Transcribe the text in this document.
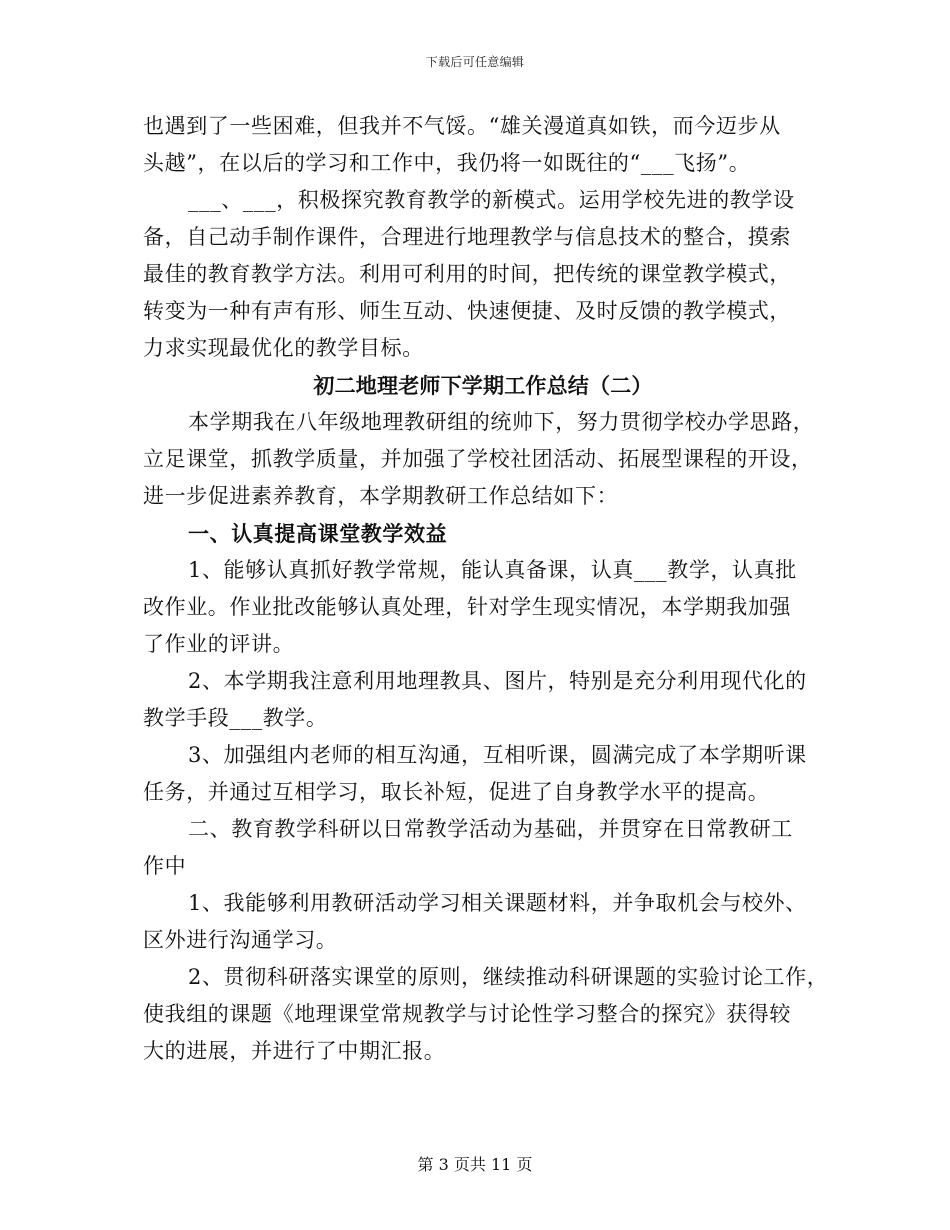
下载后可任意编辑
也遇到了一些困难，但我并不气馁。“雄关漫道真如铁，而今迈步从
头越”，在以后的学习和工作中，我仍将一如既往的“___飞扬”。
___、___，积极探究教育教学的新模式。运用学校先进的教学设
备，自己动手制作课件，合理进行地理教学与信息技术的整合，摸索
最佳的教育教学方法。利用可利用的时间，把传统的课堂教学模式，
转变为一种有声有形、师生互动、快速便捷、及时反馈的教学模式，
力求实现最优化的教学目标。
初二地理老师下学期工作总结（二）
本学期我在八年级地理教研组的统帅下，努力贯彻学校办学思路，
立足课堂，抓教学质量，并加强了学校社团活动、拓展型课程的开设，
进一步促进素养教育，本学期教研工作总结如下：
一、认真提高课堂教学效益
1、能够认真抓好教学常规，能认真备课，认真___教学，认真批
改作业。作业批改能够认真处理，针对学生现实情况，本学期我加强
了作业的评讲。
2、本学期我注意利用地理教具、图片，特别是充分利用现代化的
教学手段___教学。
3、加强组内老师的相互沟通，互相听课，圆满完成了本学期听课
任务，并通过互相学习，取长补短，促进了自身教学水平的提高。
二、教育教学科研以日常教学活动为基础，并贯穿在日常教研工
作中
1、我能够利用教研活动学习相关课题材料，并争取机会与校外、
区外进行沟通学习。
2、贯彻科研落实课堂的原则，继续推动科研课题的实验讨论工作，
使我组的课题《地理课堂常规教学与讨论性学习整合的探究》获得较
大的进展，并进行了中期汇报。
第 3 页共 11 页
